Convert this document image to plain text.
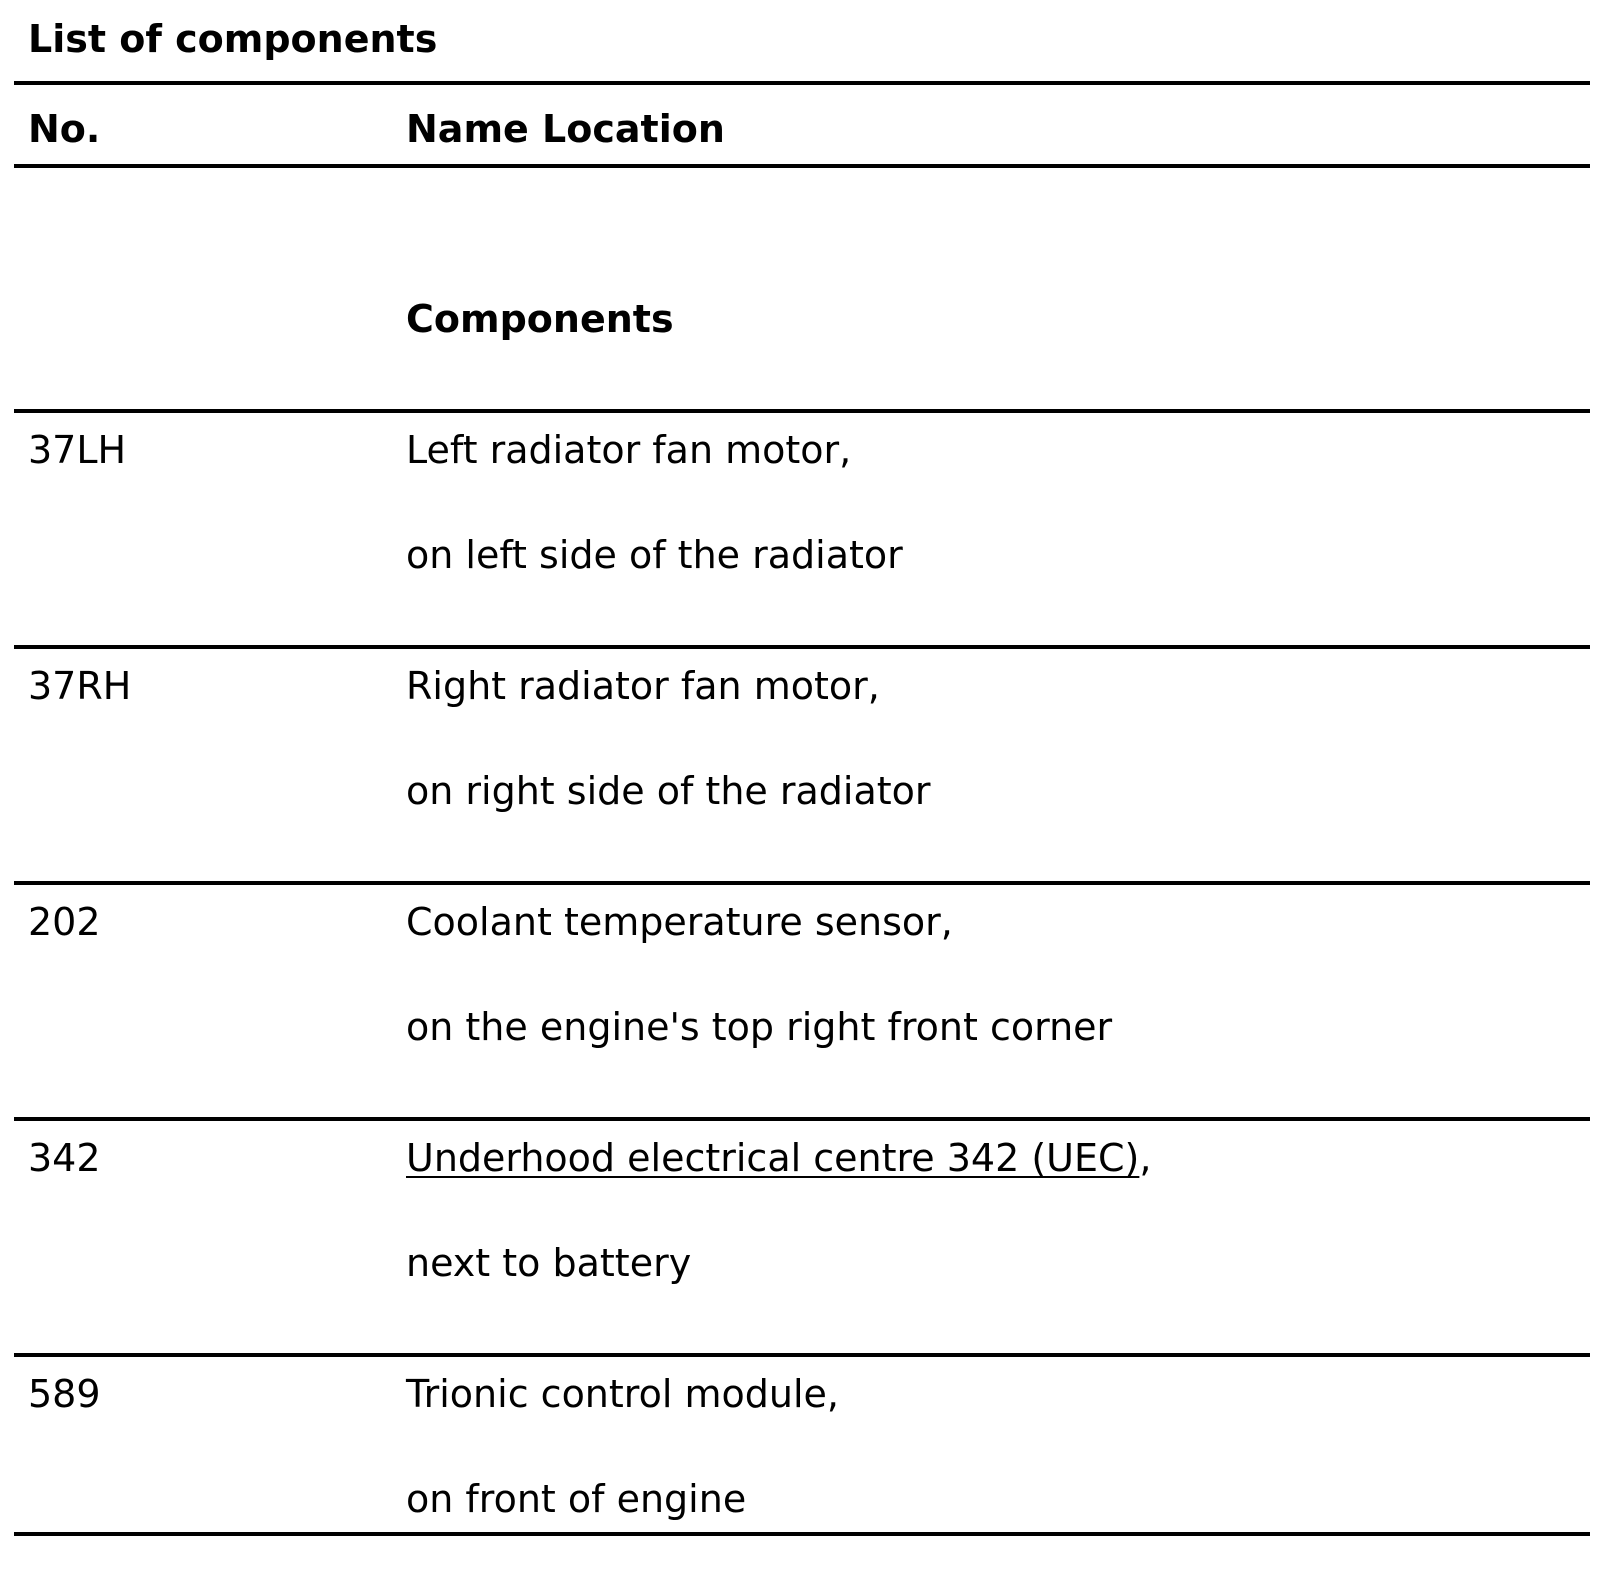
List of components
No.	Name Location
Components
37LH	Left radiator fan motor,
on left side of the radiator
37RH	Right radiator fan motor,
on right side of the radiator
202	Coolant temperature sensor,
on the engine's top right front corner
342	Underhood electrical centre 342 (UEC),
next to battery
589	Trionic control module,
on front of engine
